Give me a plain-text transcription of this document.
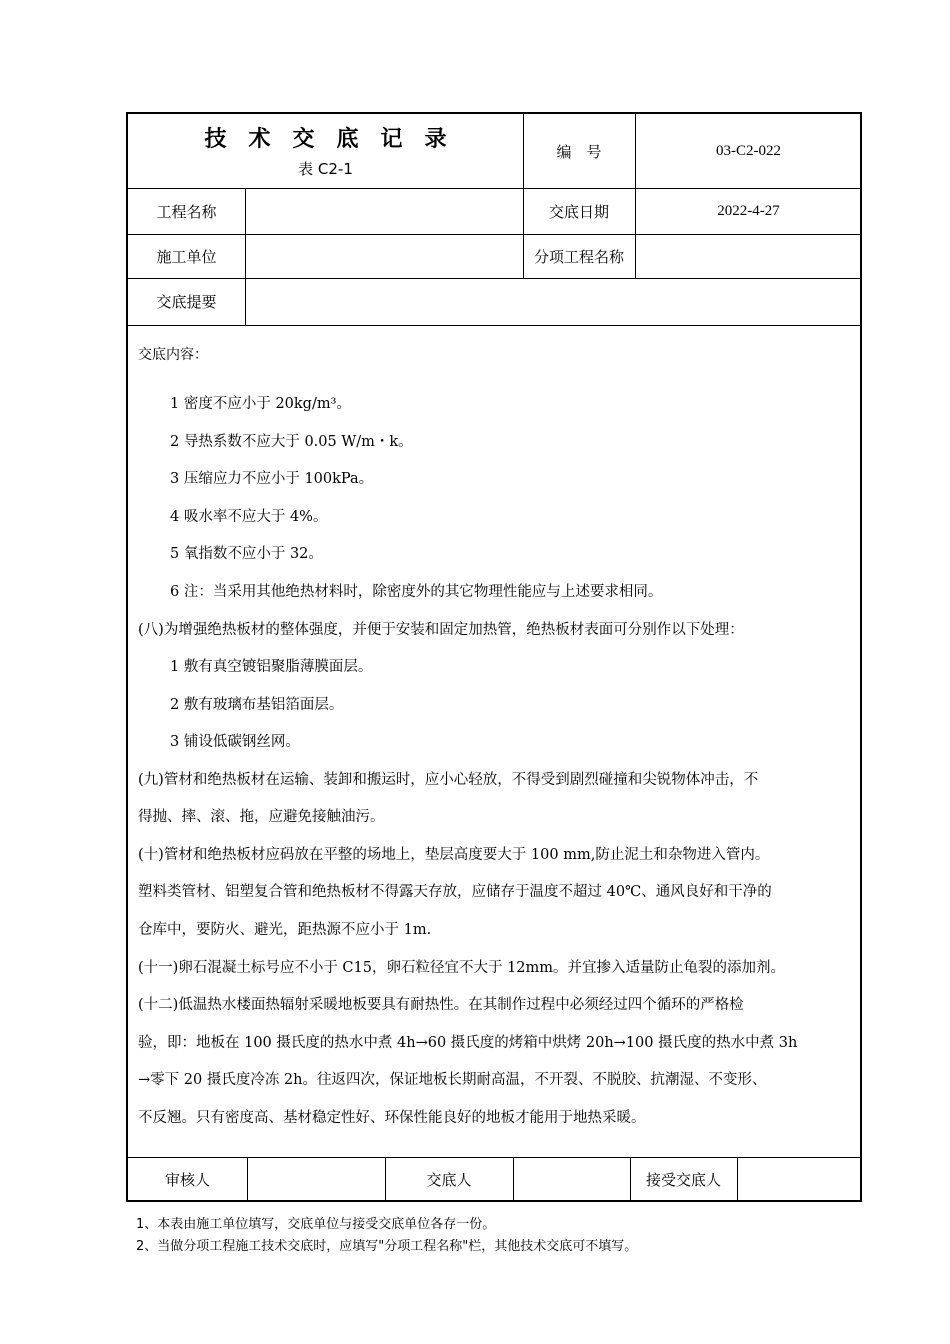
技术交底记录
表 C2-1
编　号	03-C2-022
工程名称	交底日期	2022-4-27
施工单位	分项工程名称
交底提要
交底内容：
1 密度不应小于 20kg/m³。
2 导热系数不应大于 0.05 W/m・k。
3 压缩应力不应小于 100kPa。
4 吸水率不应大于 4%。
5 氧指数不应小于 32。
6 注：当采用其他绝热材料时，除密度外的其它物理性能应与上述要求相同。
(八)为增强绝热板材的整体强度，并便于安装和固定加热管，绝热板材表面可分别作以下处理：
1 敷有真空镀铝聚脂薄膜面层。
2 敷有玻璃布基铝箔面层。
3 铺设低碳钢丝网。
(九)管材和绝热板材在运输、装卸和搬运时，应小心轻放，不得受到剧烈碰撞和尖锐物体冲击，不
得抛、摔、滚、拖，应避免接触油污。
(十)管材和绝热板材应码放在平整的场地上，垫层高度要大于 100 mm,防止泥土和杂物进入管内。
塑料类管材、铝塑复合管和绝热板材不得露天存放，应储存于温度不超过 40℃、通风良好和干净的
仓库中，要防火、避光，距热源不应小于 1m.
(十一)卵石混凝土标号应不小于 C15，卵石粒径宜不大于 12mm。并宜掺入适量防止龟裂的添加剂。
(十二)低温热水楼面热辐射采暖地板要具有耐热性。在其制作过程中必须经过四个循环的严格检
验，即：地板在 100 摄氏度的热水中煮 4h→60 摄氏度的烤箱中烘烤 20h→100 摄氏度的热水中煮 3h
→零下 20 摄氏度冷冻 2h。往返四次，保证地板长期耐高温，不开裂、不脱胶、抗潮湿、不变形、
不反翘。只有密度高、基材稳定性好、环保性能良好的地板才能用于地热采暖。
审核人	交底人	接受交底人
1、本表由施工单位填写，交底单位与接受交底单位各存一份。
2、当做分项工程施工技术交底时，应填写"分项工程名称"栏，其他技术交底可不填写。
